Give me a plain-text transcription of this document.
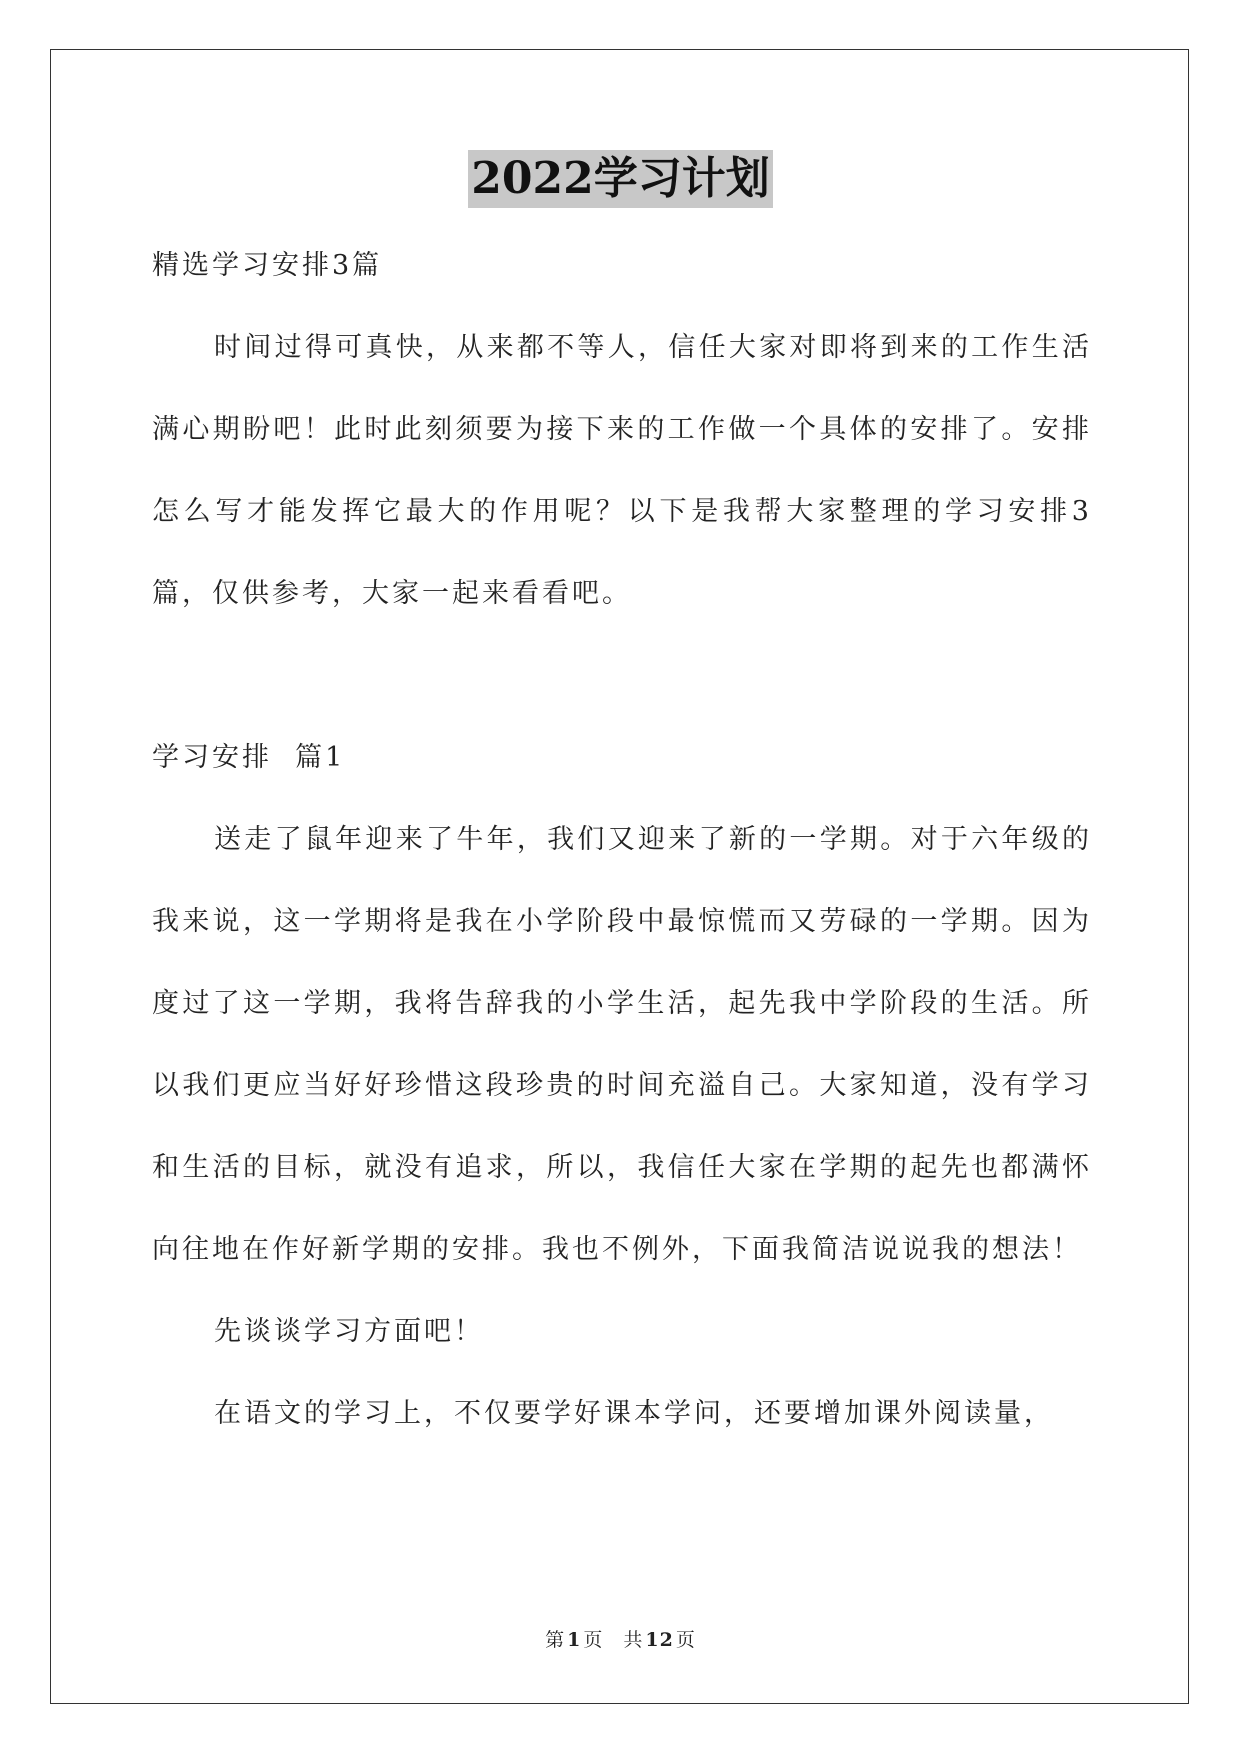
2022学习计划

精选学习安排3篇

时间过得可真快，从来都不等人，信任大家对即将到来的工作生活满心期盼吧！此时此刻须要为接下来的工作做一个具体的安排了。安排怎么写才能发挥它最大的作用呢？以下是我帮大家整理的学习安排3篇，仅供参考，大家一起来看看吧。

学习安排  篇1

送走了鼠年迎来了牛年，我们又迎来了新的一学期。对于六年级的我来说，这一学期将是我在小学阶段中最惊慌而又劳碌的一学期。因为度过了这一学期，我将告辞我的小学生活，起先我中学阶段的生活。所以我们更应当好好珍惜这段珍贵的时间充溢自己。大家知道，没有学习和生活的目标，就没有追求，所以，我信任大家在学期的起先也都满怀向往地在作好新学期的安排。我也不例外，下面我简洁说说我的想法！

先谈谈学习方面吧！

在语文的学习上，不仅要学好课本学问，还要增加课外阅读量，

第 1 页 共 12 页
